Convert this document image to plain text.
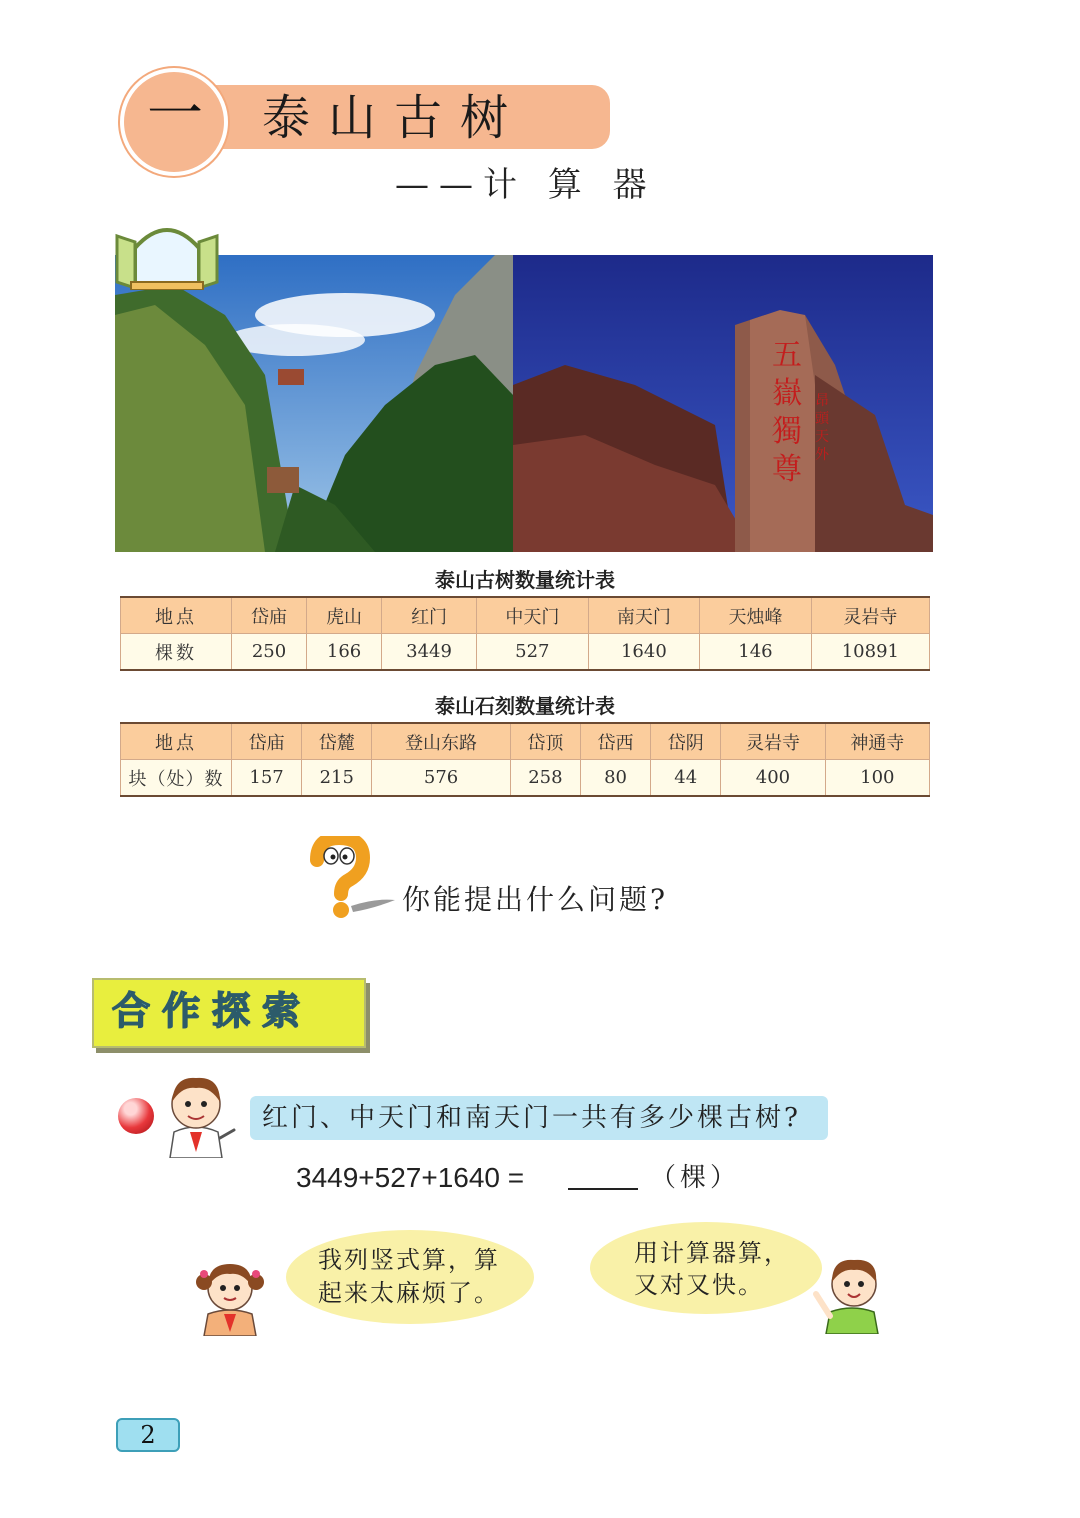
一 泰山古树
——计 算 器
五
嶽
獨
尊
昂
頭
天
外
泰山古树数量统计表
地点	岱庙	虎山	红门	中天门	南天门	天烛峰	灵岩寺
棵数	250	166	3449	527	1640	146	10891
泰山石刻数量统计表
地点	岱庙	岱麓	登山东路	岱顶	岱西	岱阴	灵岩寺	神通寺
块（处）数	157	215	576	258	80	44	400	100
你能提出什么问题?
合作探索
红门、中天门和南天门一共有多少棵古树?
3449+527+1640 =	（棵）
我列竖式算，算
起来太麻烦了。
用计算器算，
又对又快。
2
